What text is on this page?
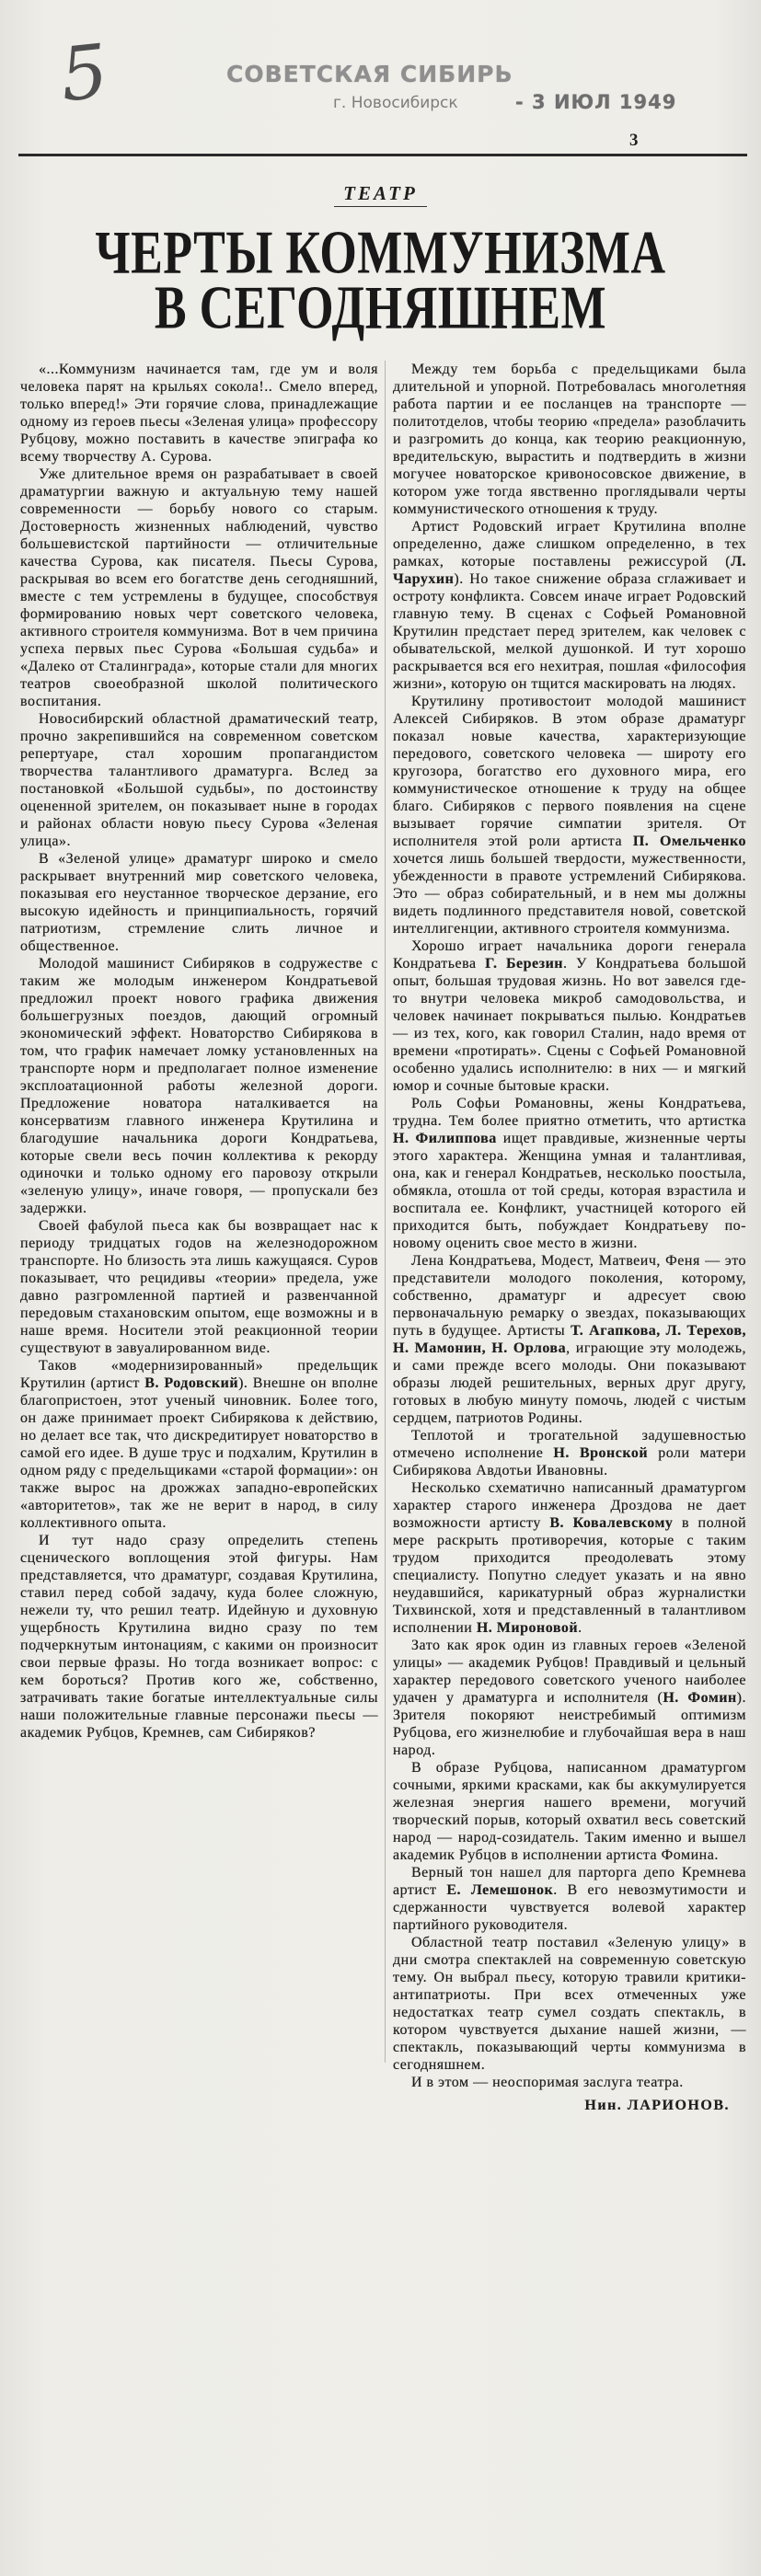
5	СОВЕТСКАЯ СИБИРЬ
г. Новосибирск	- 3 ИЮЛ 1949
3
ТЕАТР
ЧЕРТЫ КОММУНИЗМА
В СЕГОДНЯШНЕМ

«...Коммунизм начинается там, где ум и воля человека парят на крыльях сокола!.. Смело вперед, только вперед!» Эти горячие слова, принадлежащие одному из героев пьесы «Зеленая улица» профессору Рубцову, можно поставить в качестве эпиграфа ко всему творчеству А. Сурова.

Уже длительное время он разрабатывает в своей драматургии важную и актуальную тему нашей современности — борьбу нового со старым. Достоверность жизненных наблюдений, чувство большевистской партийности — отличительные качества Сурова, как писателя. Пьесы Сурова, раскрывая во всем его богатстве день сегодняшний, вместе с тем устремлены в будущее, способствуя формированию новых черт советского человека, активного строителя коммунизма. Вот в чем причина успеха первых пьес Сурова «Большая судьба» и «Далеко от Сталинграда», которые стали для многих театров своеобразной школой политического воспитания.

Новосибирский областной драматический театр, прочно закрепившийся на современном советском репертуаре, стал хорошим пропагандистом творчества талантливого драматурга. Вслед за постановкой «Большой судьбы», по достоинству оцененной зрителем, он показывает ныне в городах и районах области новую пьесу Сурова «Зеленая улица».

В «Зеленой улице» драматург широко и смело раскрывает внутренний мир советского человека, показывая его неустанное творческое дерзание, его высокую идейность и принципиальность, горячий патриотизм, стремление слить личное и общественное.

Молодой машинист Сибиряков в содружестве с таким же молодым инженером Кондратьевой предложил проект нового графика движения большегрузных поездов, дающий огромный экономический эффект. Новаторство Сибирякова в том, что график намечает ломку установленных на транспорте норм и предполагает полное изменение эксплоатационной работы железной дороги. Предложение новатора наталкивается на консерватизм главного инженера Крутилина и благодушие начальника дороги Кондратьева, которые свели весь почин коллектива к рекорду одиночки и только одному его паровозу открыли «зеленую улицу», иначе говоря, — пропускали без задержки.

Своей фабулой пьеса как бы возвращает нас к периоду тридцатых годов на железнодорожном транспорте. Но близость эта лишь кажущаяся. Суров показывает, что рецидивы «теории» предела, уже давно разгромленной партией и развенчанной передовым стахановским опытом, еще возможны и в наше время. Носители этой реакционной теории существуют в завуалированном виде.

Таков «модернизированный» предельщик Крутилин (артист В. Родовский). Внешне он вполне благопристоен, этот ученый чиновник. Более того, он даже принимает проект Сибирякова к действию, но делает все так, что дискредитирует новаторство в самой его идее. В душе трус и подхалим, Крутилин в одном ряду с предельщиками «старой формации»: он также вырос на дрожжах западно-европейских «авторитетов», так же не верит в народ, в силу коллективного опыта.

И тут надо сразу определить степень сценического воплощения этой фигуры. Нам представляется, что драматург, создавая Крутилина, ставил перед собой задачу, куда более сложную, нежели ту, что решил театр. Идейную и духовную ущербность Крутилина видно сразу по тем подчеркнутым интонациям, с какими он произносит свои первые фразы. Но тогда возникает вопрос: с кем бороться? Против кого же, собственно, затрачивать такие богатые интеллектуальные силы наши положительные главные персонажи пьесы — академик Рубцов, Кремнев, сам Сибиряков?

Между тем борьба с предельщиками была длительной и упорной. Потребовалась многолетняя работа партии и ее посланцев на транспорте — политотделов, чтобы теорию «предела» разоблачить и разгромить до конца, как теорию реакционную, вредительскую, вырастить и подтвердить в жизни могучее новаторское кривоносовское движение, в котором уже тогда явственно проглядывали черты коммунистического отношения к труду.

Артист Родовский играет Крутилина вполне определенно, даже слишком определенно, в тех рамках, которые поставлены режиссурой (Л. Чарухин). Но такое снижение образа сглаживает и остроту конфликта. Совсем иначе играет Родовский главную тему. В сценах с Софьей Романовной Крутилин предстает перед зрителем, как человек с обывательской, мелкой душонкой. И тут хорошо раскрывается вся его нехитрая, пошлая «философия жизни», которую он тщится маскировать на людях.

Крутилину противостоит молодой машинист Алексей Сибиряков. В этом образе драматург показал новые качества, характеризующие передового, советского человека — широту его кругозора, богатство его духовного мира, его коммунистическое отношение к труду на общее благо. Сибиряков с первого появления на сцене вызывает горячие симпатии зрителя. От исполнителя этой роли артиста П. Омельченко хочется лишь большей твердости, мужественности, убежденности в правоте устремлений Сибирякова. Это — образ собирательный, и в нем мы должны видеть подлинного представителя новой, советской интеллигенции, активного строителя коммунизма.

Хорошо играет начальника дороги генерала Кондратьева Г. Березин. У Кондратьева большой опыт, большая трудовая жизнь. Но вот завелся где-то внутри человека микроб самодовольства, и человек начинает покрываться пылью. Кондратьев — из тех, кого, как говорил Сталин, надо время от времени «протирать». Сцены с Софьей Романовной особенно удались исполнителю: в них — и мягкий юмор и сочные бытовые краски.

Роль Софьи Романовны, жены Кондратьева, трудна. Тем более приятно отметить, что артистка Н. Филиппова ищет правдивые, жизненные черты этого характера. Женщина умная и талантливая, она, как и генерал Кондратьев, несколько поостыла, обмякла, отошла от той среды, которая взрастила и воспитала ее. Конфликт, участницей которого ей приходится быть, побуждает Кондратьеву по-новому оценить свое место в жизни.

Лена Кондратьева, Модест, Матвеич, Феня — это представители молодого поколения, которому, собственно, драматург и адресует свою первоначальную ремарку о звездах, показывающих путь в будущее. Артисты Т. Агапкова, Л. Терехов, Н. Мамонин, Н. Орлова, играющие эту молодежь, и сами прежде всего молоды. Они показывают образы людей решительных, верных друг другу, готовых в любую минуту помочь, людей с чистым сердцем, патриотов Родины.

Теплотой и трогательной задушевностью отмечено исполнение Н. Вронской роли матери Сибирякова Авдотьи Ивановны.

Несколько схематично написанный драматургом характер старого инженера Дроздова не дает возможности артисту В. Ковалевскому в полной мере раскрыть противоречия, которые с таким трудом приходится преодолевать этому специалисту. Попутно следует указать и на явно неудавшийся, карикатурный образ журналистки Тихвинской, хотя и представленный в талантливом исполнении Н. Мироновой.

Зато как ярок один из главных героев «Зеленой улицы» — академик Рубцов! Правдивый и цельный характер передового советского ученого наиболее удачен у драматурга и исполнителя (Н. Фомин). Зрителя покоряют неистребимый оптимизм Рубцова, его жизнелюбие и глубочайшая вера в наш народ.

В образе Рубцова, написанном драматургом сочными, яркими красками, как бы аккумулируется железная энергия нашего времени, могучий творческий порыв, который охватил весь советский народ — народ-созидатель. Таким именно и вышел академик Рубцов в исполнении артиста Фомина.

Верный тон нашел для парторга депо Кремнева артист Е. Лемешонок. В его невозмутимости и сдержанности чувствуется волевой характер партийного руководителя.

Областной театр поставил «Зеленую улицу» в дни смотра спектаклей на современную советскую тему. Он выбрал пьесу, которую травили критики-антипатриоты. При всех отмеченных уже недостатках театр сумел создать спектакль, в котором чувствуется дыхание нашей жизни, — спектакль, показывающий черты коммунизма в сегодняшнем.

И в этом — неоспоримая заслуга театра.

Нин. ЛАРИОНОВ.
